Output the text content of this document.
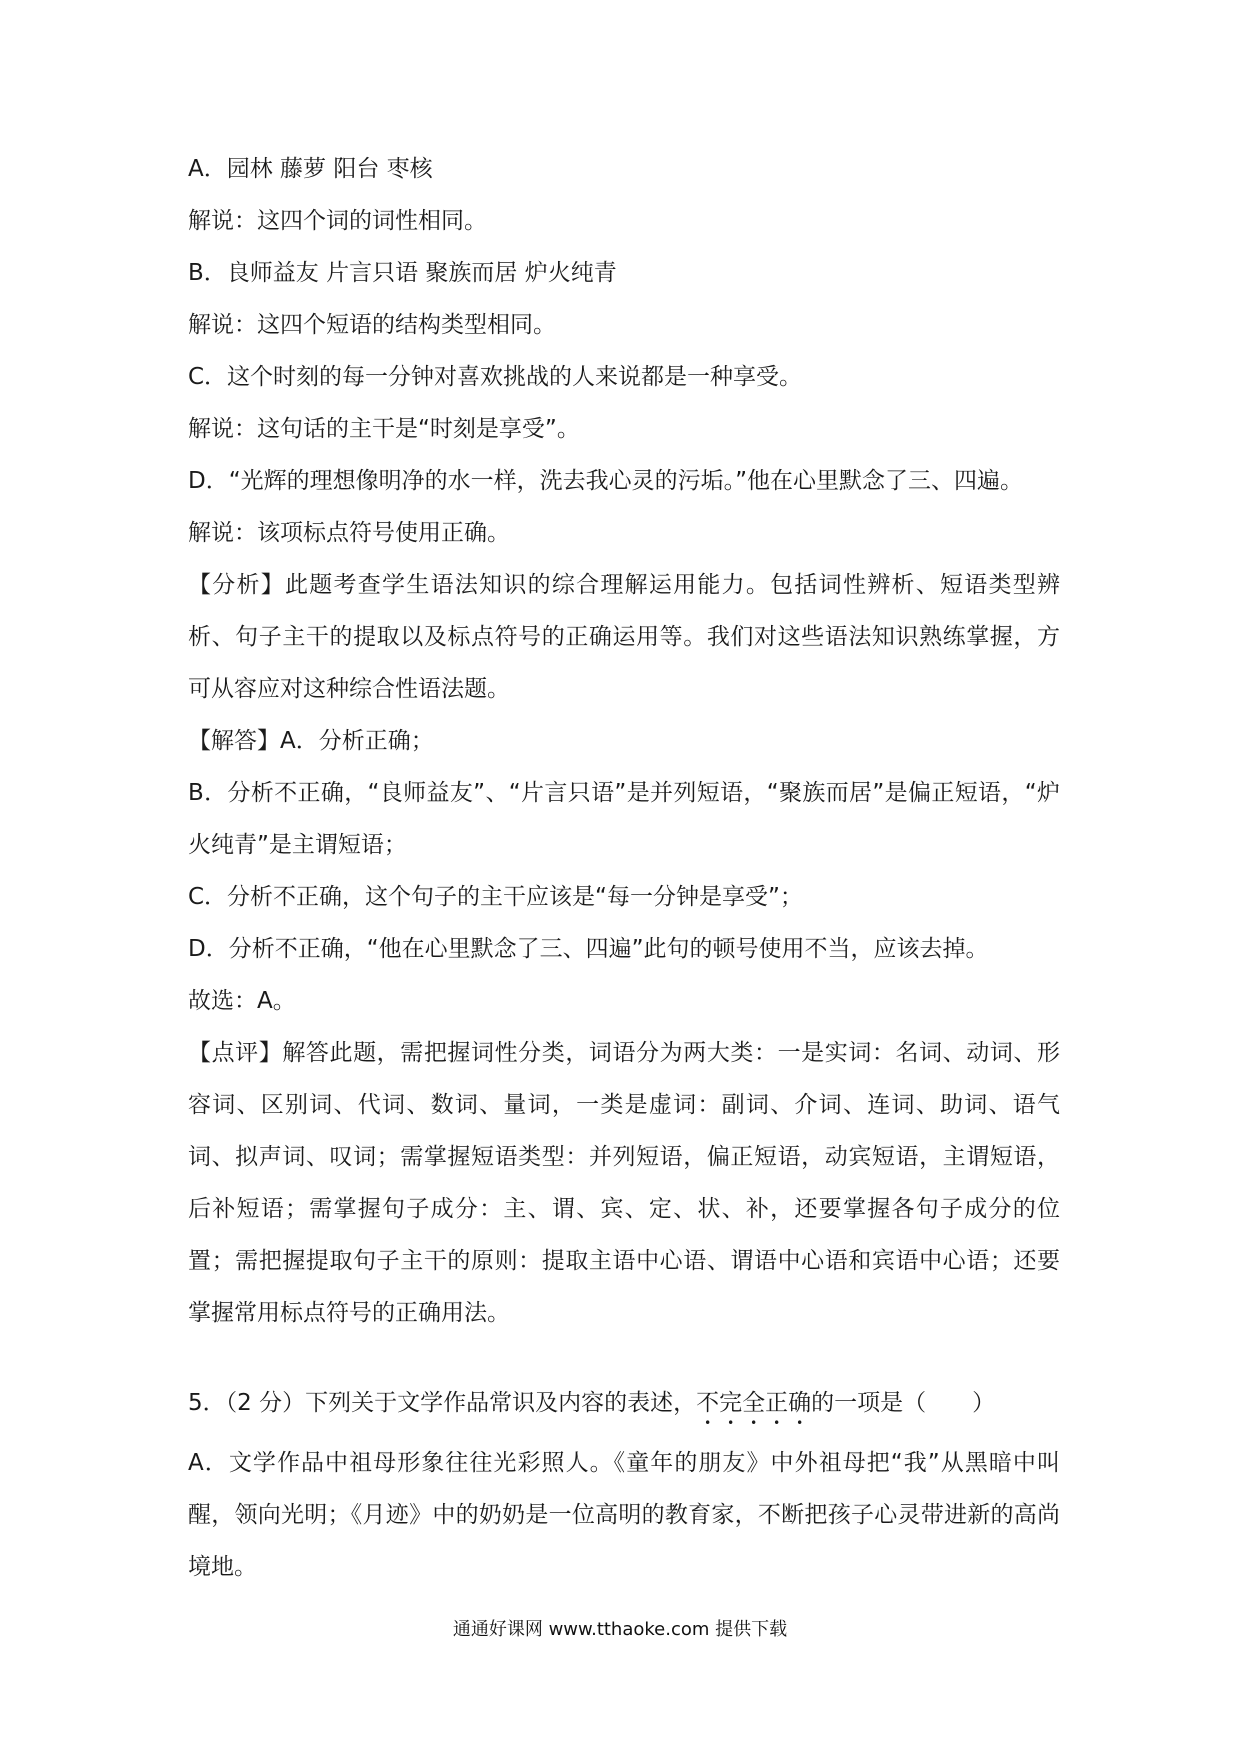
A．园林 藤萝 阳台 枣核
解说：这四个词的词性相同。
B．良师益友 片言只语 聚族而居 炉火纯青
解说：这四个短语的结构类型相同。
C．这个时刻的每一分钟对喜欢挑战的人来说都是一种享受。
解说：这句话的主干是“时刻是享受”。
D．“光辉的理想像明净的水一样，洗去我心灵的污垢。”他在心里默念了三、四遍。
解说：该项标点符号使用正确。
【分析】此题考查学生语法知识的综合理解运用能力。包括词性辨析、短语类型辨析、句子主干的提取以及标点符号的正确运用等。我们对这些语法知识熟练掌握，方可从容应对这种综合性语法题。
【解答】A．分析正确；
B．分析不正确，“良师益友”、“片言只语”是并列短语，“聚族而居”是偏正短语，“炉火纯青”是主谓短语；
C．分析不正确，这个句子的主干应该是“每一分钟是享受”；
D．分析不正确，“他在心里默念了三、四遍”此句的顿号使用不当，应该去掉。
故选：A。
【点评】解答此题，需把握词性分类，词语分为两大类：一是实词：名词、动词、形容词、区别词、代词、数词、量词，一类是虚词：副词、介词、连词、助词、语气词、拟声词、叹词；需掌握短语类型：并列短语，偏正短语，动宾短语，主谓短语，后补短语；需掌握句子成分：主、谓、宾、定、状、补，还要掌握各句子成分的位置；需把握提取句子主干的原则：提取主语中心语、谓语中心语和宾语中心语；还要掌握常用标点符号的正确用法。
5．（2 分）下列关于文学作品常识及内容的表述，不完全正确的一项是（　　）
A．文学作品中祖母形象往往光彩照人。《童年的朋友》中外祖母把“我”从黑暗中叫醒，领向光明；《月迹》中的奶奶是一位高明的教育家，不断把孩子心灵带进新的高尚境地。
通通好课网 www.tthaoke.com 提供下载
